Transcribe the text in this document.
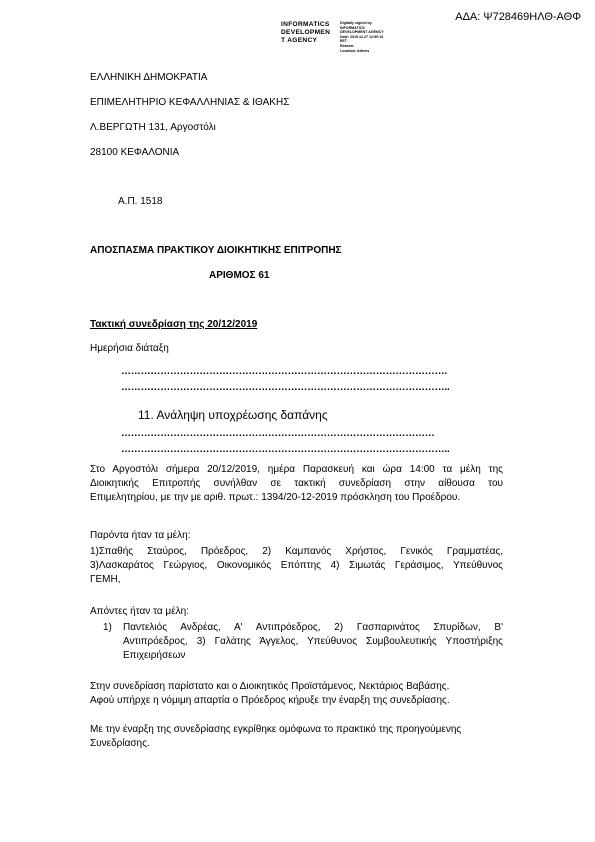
ΑΔΑ: Ψ728469ΗΛΘ-ΑΘΦ
INFORMATICS
DEVELOPMEN
T AGENCY
Digitally signed by
INFORMATICS
DEVELOPMENT AGENCY
Date: 2019.12.27 12:50:16
EET
Reason:
Location: Athens
ΕΛΛΗΝΙΚΗ ΔΗΜΟΚΡΑΤΙΑ
ΕΠΙΜΕΛΗΤΗΡΙΟ ΚΕΦΑΛΛΗΝΙΑΣ & ΙΘΑΚΗΣ
Λ.ΒΕΡΓΩΤΗ 131, Αργοστόλι
28100 ΚΕΦΑΛΟΝΙΑ
Α.Π. 1518
ΑΠΟΣΠΑΣΜΑ ΠΡΑΚΤΙΚΟΥ ΔΙΟΙΚΗΤΙΚΗΣ ΕΠΙΤΡΟΠΗΣ
ΑΡΙΘΜΟΣ 61
Τακτική συνεδρίαση της 20/12/2019
Ημερήσια διάταξη
……………………………………………………………………………………….
………………………………………………………………………………………..
11. Ανάληψη υποχρέωσης δαπάνης
……………………………………………………………………………………
………………………………………………………………………………………..
Στο Αργοστόλι σήμερα 20/12/2019, ημέρα Παρασκευή και ώρα 14:00 τα μέλη της
Διοικητικής Επιτροπής συνήλθαν σε τακτική συνεδρίαση στην αίθουσα του
Επιμελητηρίου, με την με αριθ. πρωτ.: 1394/20-12-2019 πρόσκληση του Προέδρου.
Παρόντα ήταν τα μέλη:
1)Σπαθής Σταύρος, Πρόεδρος, 2) Καμπανός Χρήστος, Γενικός Γραμματέας,
3)Λασκαράτος Γεώργιος, Οικονομικός Επόπτης 4) Σιμωτάς Γεράσιμος, Υπεύθυνος
ΓΕΜΗ,
Απόντες ήταν τα μέλη:
1) Παντελιός Ανδρέας, Α' Αντιπρόεδρος, 2) Γασπαρινάτος Σπυρίδων, Β'
Αντιπρόεδρος, 3) Γαλάτης Άγγελος, Υπεύθυνος Συμβουλευτικής Υποστήριξης
Επιχειρήσεων
Στην συνεδρίαση παρίστατο και ο Διοικητικός Προϊστάμενος, Νεκτάριος Βαβάσης.
Αφού υπήρχε η νόμιμη απαρτία ο Πρόεδρος κήρυξε την έναρξη της συνεδρίασης.
Με την έναρξη της συνεδρίασης εγκρίθηκε ομόφωνα το πρακτικό της προηγούμενης
Συνεδρίασης.
